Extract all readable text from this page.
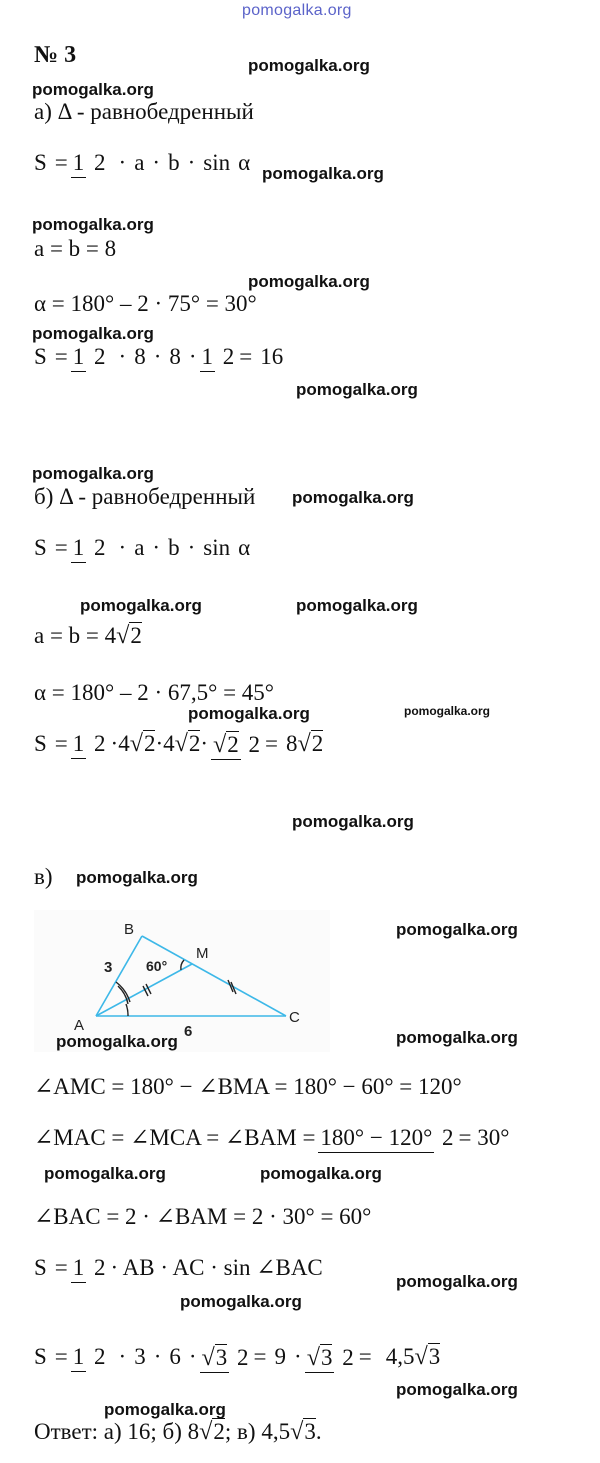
pomogalka.org
№ 3
а) Δ - равнобедренный
S = 1 2 · a · b · sin α
a = b = 8
α = 180° – 2 · 75° = 30°
S = 1 2 · 8 · 8 · 1 2 = 16
б) Δ - равнобедренный
S = 1 2 · a · b · sin α
a = b = 4 √2
α = 180° – 2 · 67,5° = 45°
S = 1 2 · 4 √2 · 4 √2 · √ 2 2 = 8 √2
в)
B
A	C
M
3
6
60°
∠AMC = 180° − ∠BMA = 180° − 60° = 120°
∠MAC = ∠MCA = ∠BAM = 180° − 120° 2 = 30°
∠BAC = 2 · ∠BAM = 2 · 30° = 60°
S = 1 2 · AB · AC · sin ∠BAC
S = 1 2 · 3 · 6 · √ 3 2 = 9 · √ 3 2 = 4,5 √3
Ответ: а) 16; б) 8 √2 ; в) 4,5 √3 .
pomogalka.org
pomogalka.org
pomogalka.org
pomogalka.org
pomogalka.org
pomogalka.org
pomogalka.org
pomogalka.org
pomogalka.org
pomogalka.org	pomogalka.org
pomogalka.org	pomogalka.org
pomogalka.org
pomogalka.org
pomogalka.org
pomogalka.org	pomogalka.org
pomogalka.org	pomogalka.org
pomogalka.org
pomogalka.org
pomogalka.org
pomogalka.org
